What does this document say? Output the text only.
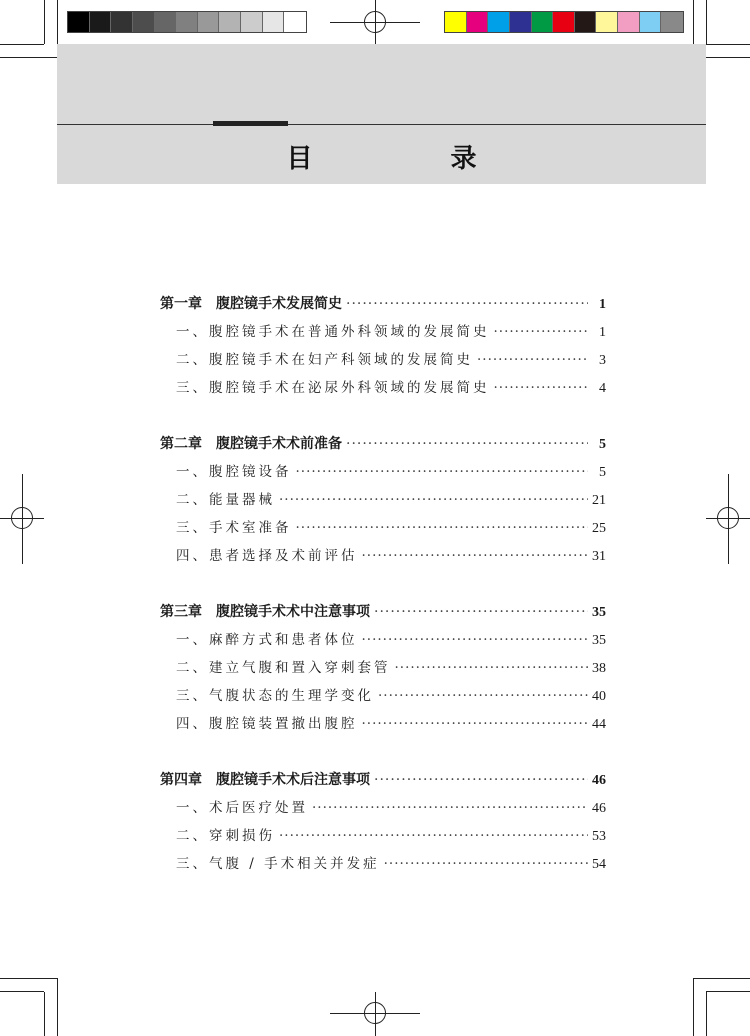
目　录
第一章 腹腔镜手术发展简史 ·····	1
一、腹腔镜手术在普通外科领域的发展简史 ·····	1
二、腹腔镜手术在妇产科领域的发展简史 ·····	3
三、腹腔镜手术在泌尿外科领域的发展简史 ·····	4
第二章 腹腔镜手术术前准备 ·····	5
一、腹腔镜设备 ·····	5
二、能量器械 ·····	21
三、手术室准备 ·····	25
四、患者选择及术前评估 ·····	31
第三章 腹腔镜手术术中注意事项 ·····	35
一、麻醉方式和患者体位 ·····	35
二、建立气腹和置入穿刺套管 ·····	38
三、气腹状态的生理学变化 ·····	40
四、腹腔镜装置撤出腹腔 ·····	44
第四章 腹腔镜手术术后注意事项 ·····	46
一、术后医疗处置 ·····	46
二、穿刺损伤 ·····	53
三、气腹 / 手术相关并发症 ·····	54
